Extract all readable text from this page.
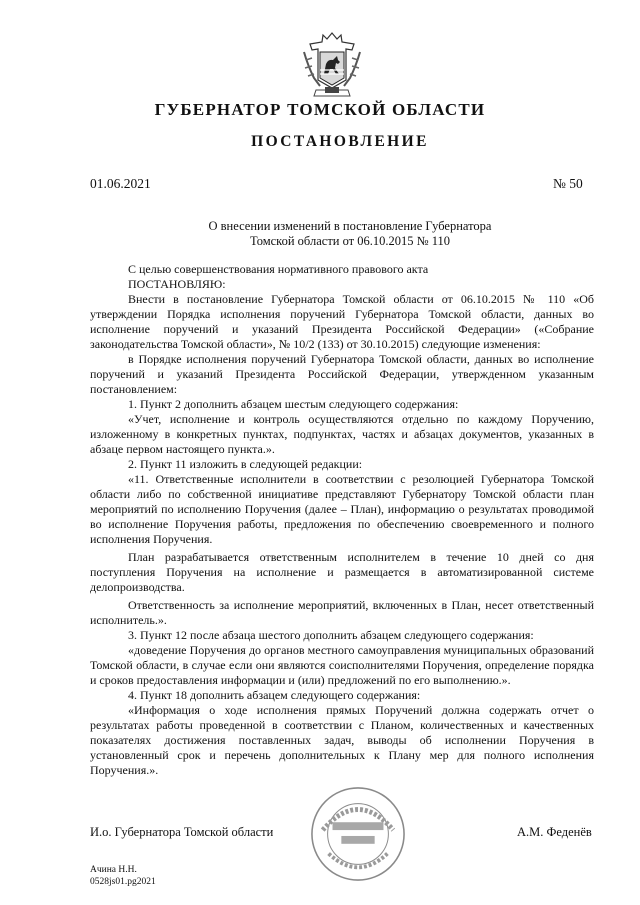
ГУБЕРНАТОР ТОМСКОЙ ОБЛАСТИ
ПОСТАНОВЛЕНИЕ
01.06.2021	№ 50
О внесении изменений в постановление Губернатора
Томской области от 06.10.2015 № 110

С целью совершенствования нормативного правового акта

ПОСТАНОВЛЯЮ:

Внести в постановление Губернатора Томской области от 06.10.2015 № 110 «Об утверждении Порядка исполнения поручений Губернатора Томской области, данных во исполнение поручений и указаний Президента Российской Федерации» («Собрание законодательства Томской области», № 10/2 (133) от 30.10.2015) следующие изменения:

в Порядке исполнения поручений Губернатора Томской области, данных во исполнение поручений и указаний Президента Российской Федерации, утвержденном указанным постановлением:

1. Пункт 2 дополнить абзацем шестым следующего содержания:

«Учет, исполнение и контроль осуществляются отдельно по каждому Поручению, изложенному в конкретных пунктах, подпунктах, частях и абзацах документов, указанных в абзаце первом настоящего пункта.».

2. Пункт 11 изложить в следующей редакции:

«11. Ответственные исполнители в соответствии с резолюцией Губернатора Томской области либо по собственной инициативе представляют Губернатору Томской области план мероприятий по исполнению Поручения (далее – План), информацию о результатах проводимой во исполнение Поручения работы, предложения по обеспечению своевременного и полного исполнения Поручения.

План разрабатывается ответственным исполнителем в течение 10 дней со дня поступления Поручения на исполнение и размещается в автоматизированной системе делопроизводства.

Ответственность за исполнение мероприятий, включенных в План, несет ответственный исполнитель.».

3. Пункт 12 после абзаца шестого дополнить абзацем следующего содержания:

«доведение Поручения до органов местного самоуправления муниципальных образований Томской области, в случае если они являются соисполнителями Поручения, определение порядка и сроков предоставления информации и (или) предложений по его выполнению.».

4. Пункт 18 дополнить абзацем следующего содержания:

«Информация о ходе исполнения прямых Поручений должна содержать отчет о результатах работы проведенной в соответствии с Планом, количественных и качественных показателях достижения поставленных задач, выводы об исполнении Поручения в установленный срок и перечень дополнительных к Плану мер для полного исполнения Поручения.».

И.о. Губернатора Томской области	А.М. Феденёв
Ачина Н.Н.
0528js01.pg2021
